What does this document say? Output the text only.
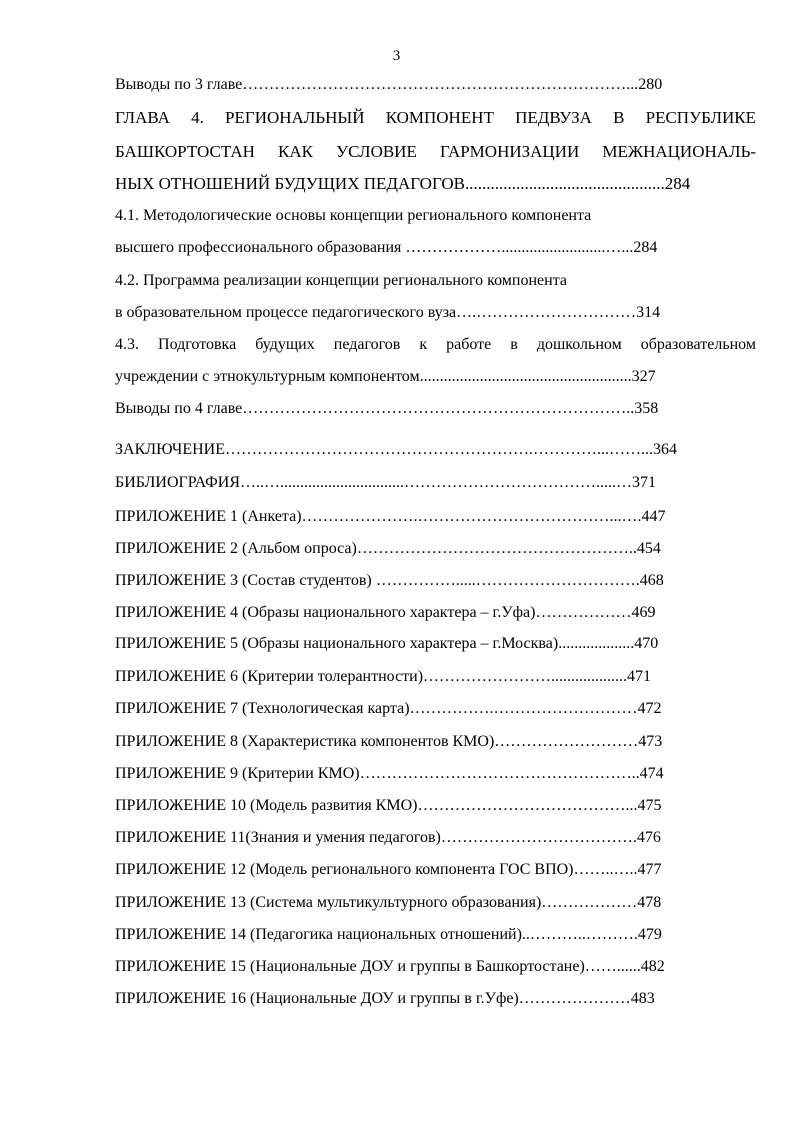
3
Выводы по 3 главе………………………………………………………………...280
ГЛАВА 4. РЕГИОНАЛЬНЫЙ КОМПОНЕНТ ПЕДВУЗА В РЕСПУБЛИКЕ
БАШКОРТОСТАН КАК УСЛОВИЕ ГАРМОНИЗАЦИИ МЕЖНАЦИОНАЛЬ-
НЫХ ОТНОШЕНИЙ БУДУЩИХ ПЕДАГОГОВ...............................................284
4.1. Методологические основы концепции регионального компонента
высшего профессионального образования ………………..........................…...284
4.2. Программа реализации концепции регионального компонента
в образовательном процессе педагогического вуза….…………………………314
4.3. Подготовка будущих педагогов к работе в дошкольном образовательном
учреждении с этнокультурным компонентом.....................................................327
Выводы по 4 главе………………………………………………………………..358
ЗАКЛЮЧЕНИЕ………………………………………………….…………...……...364
БИБЛИОГРАФИЯ…..…...............................……………………………….....…371
ПРИЛОЖЕНИЕ 1 (Анкета)………………….………………………………...….447
ПРИЛОЖЕНИЕ 2 (Альбом опроса)……………………………………………..454
ПРИЛОЖЕНИЕ 3 (Состав студентов) …………….....………………………….468
ПРИЛОЖЕНИЕ 4 (Образы национального характера – г.Уфа)………………469
ПРИЛОЖЕНИЕ 5 (Образы национального характера – г.Москва)...................470
ПРИЛОЖЕНИЕ 6 (Критерии толерантности)……………………...................471
ПРИЛОЖЕНИЕ 7 (Технологическая карта)…………….………………………472
ПРИЛОЖЕНИЕ 8 (Характеристика компонентов КМО)………………………473
ПРИЛОЖЕНИЕ 9 (Критерии КМО)……………………………………………..474
ПРИЛОЖЕНИЕ 10 (Модель развития КМО)…………………………………...475
ПРИЛОЖЕНИЕ 11(Знания и умения педагогов)……………………………….476
ПРИЛОЖЕНИЕ 12 (Модель регионального компонента ГОС ВПО)……..…..477
ПРИЛОЖЕНИЕ 13 (Система мультикультурного образования)………………478
ПРИЛОЖЕНИЕ 14 (Педагогика национальных отношений)..………..……….479
ПРИЛОЖЕНИЕ 15 (Национальные ДОУ и группы в Башкортостане)……......482
ПРИЛОЖЕНИЕ 16 (Национальные ДОУ и группы в г.Уфе)…………………483
